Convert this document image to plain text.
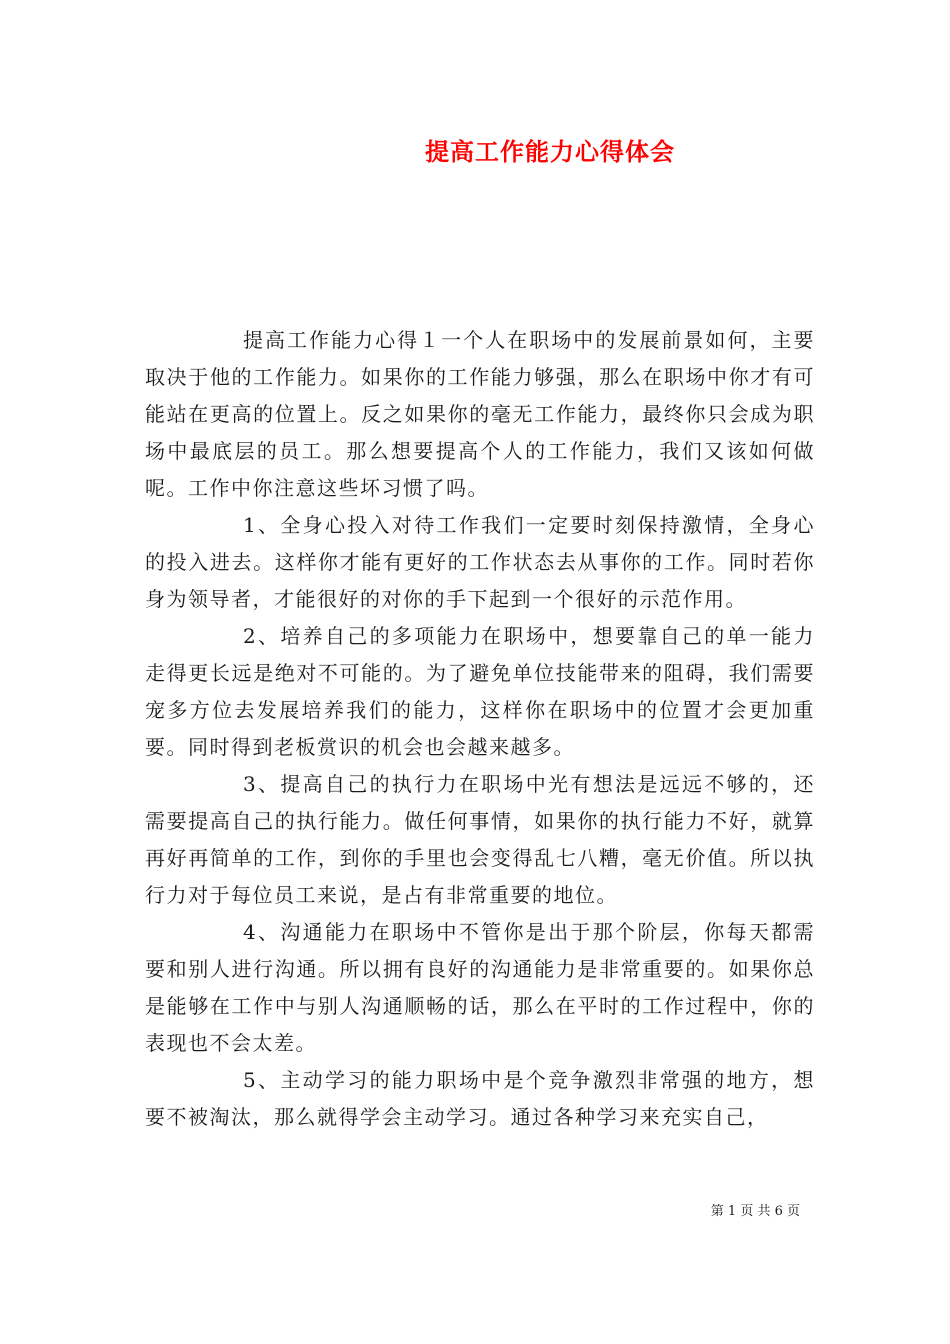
提高工作能力心得体会

提高工作能力心得１一个人在职场中的发展前景如何，主要取决于他的工作能力。如果你的工作能力够强，那么在职场中你才有可能站在更高的位置上。反之如果你的毫无工作能力，最终你只会成为职场中最底层的员工。那么想要提高个人的工作能力，我们又该如何做呢。工作中你注意这些坏习惯了吗。

1、全身心投入对待工作我们一定要时刻保持激情，全身心的投入进去。这样你才能有更好的工作状态去从事你的工作。同时若你身为领导者，才能很好的对你的手下起到一个很好的示范作用。

2、培养自己的多项能力在职场中，想要靠自己的单一能力走得更长远是绝对不可能的。为了避免单位技能带来的阻碍，我们需要宠多方位去发展培养我们的能力，这样你在职场中的位置才会更加重要。同时得到老板赏识的机会也会越来越多。

3、提高自己的执行力在职场中光有想法是远远不够的，还需要提高自己的执行能力。做任何事情，如果你的执行能力不好，就算再好再简单的工作，到你的手里也会变得乱七八糟，毫无价值。所以执行力对于每位员工来说，是占有非常重要的地位。

4、沟通能力在职场中不管你是出于那个阶层，你每天都需要和别人进行沟通。所以拥有良好的沟通能力是非常重要的。如果你总是能够在工作中与别人沟通顺畅的话，那么在平时的工作过程中，你的表现也不会太差。

5、主动学习的能力职场中是个竞争激烈非常强的地方，想要不被淘汰，那么就得学会主动学习。通过各种学习来充实自己，

第 1 页 共 6 页
